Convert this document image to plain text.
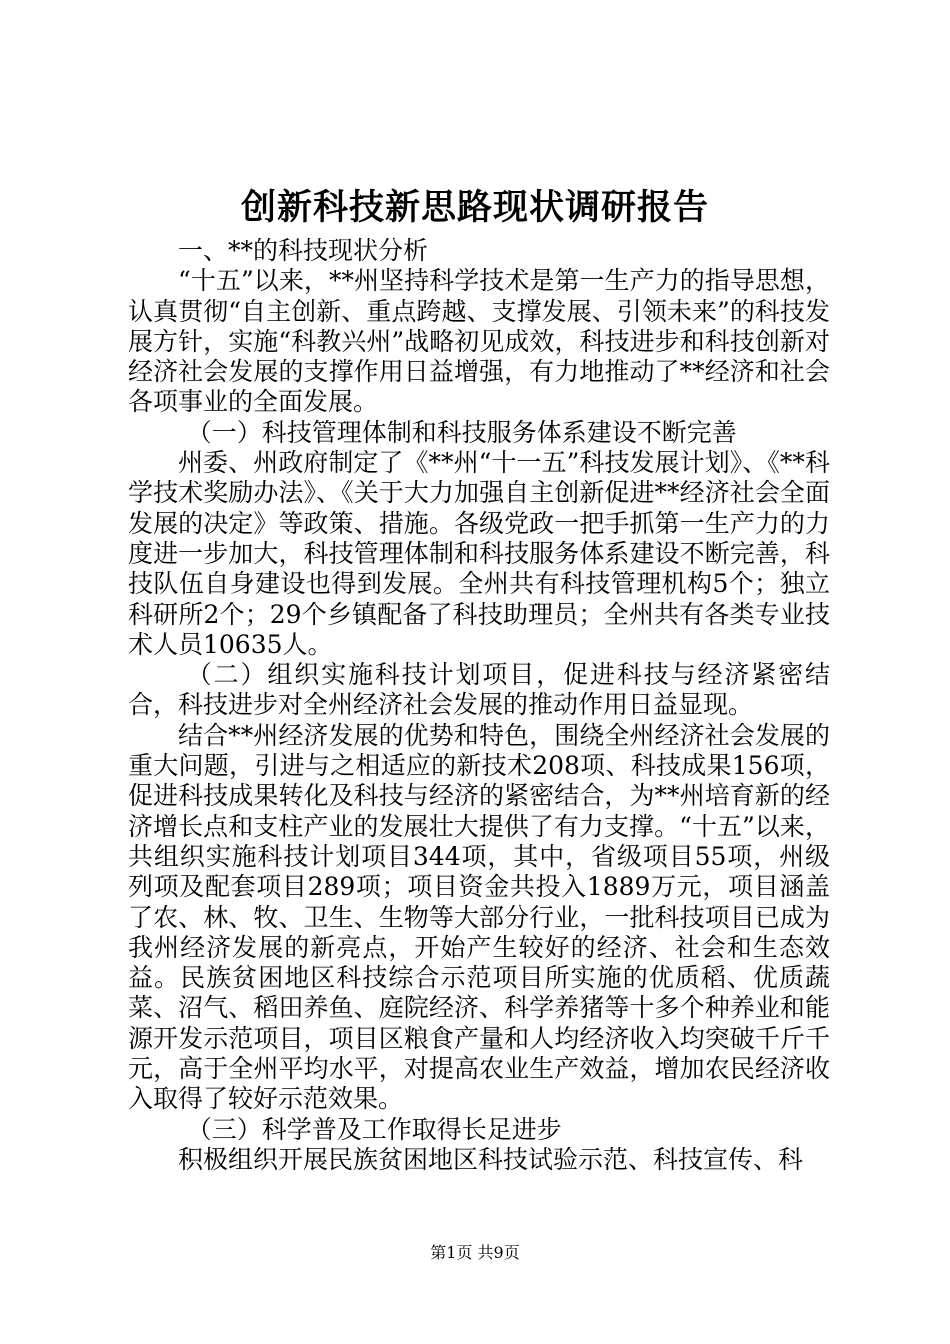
创新科技新思路现状调研报告

一、**的科技现状分析

“十五”以来，**州坚持科学技术是第一生产力的指导思想，认真贯彻“自主创新、重点跨越、支撑发展、引领未来”的科技发展方针，实施“科教兴州”战略初见成效，科技进步和科技创新对经济社会发展的支撑作用日益增强，有力地推动了**经济和社会各项事业的全面发展。

（一）科技管理体制和科技服务体系建设不断完善

州委、州政府制定了《**州“十一五”科技发展计划》、《**科学技术奖励办法》、《关于大力加强自主创新促进**经济社会全面发展的决定》等政策、措施。各级党政一把手抓第一生产力的力度进一步加大，科技管理体制和科技服务体系建设不断完善，科技队伍自身建设也得到发展。全州共有科技管理机构5个；独立科研所2个；29个乡镇配备了科技助理员；全州共有各类专业技术人员10635人。

（二）组织实施科技计划项目，促进科技与经济紧密结合，科技进步对全州经济社会发展的推动作用日益显现。

结合**州经济发展的优势和特色，围绕全州经济社会发展的重大问题，引进与之相适应的新技术208项、科技成果156项，促进科技成果转化及科技与经济的紧密结合，为**州培育新的经济增长点和支柱产业的发展壮大提供了有力支撑。“十五”以来，共组织实施科技计划项目344项，其中，省级项目55项，州级列项及配套项目289项；项目资金共投入1889万元，项目涵盖了农、林、牧、卫生、生物等大部分行业，一批科技项目已成为我州经济发展的新亮点，开始产生较好的经济、社会和生态效益。民族贫困地区科技综合示范项目所实施的优质稻、优质蔬菜、沼气、稻田养鱼、庭院经济、科学养猪等十多个种养业和能源开发示范项目，项目区粮食产量和人均经济收入均突破千斤千元，高于全州平均水平，对提高农业生产效益，增加农民经济收入取得了较好示范效果。

（三）科学普及工作取得长足进步

积极组织开展民族贫困地区科技试验示范、科技宣传、科

第1页 共9页
